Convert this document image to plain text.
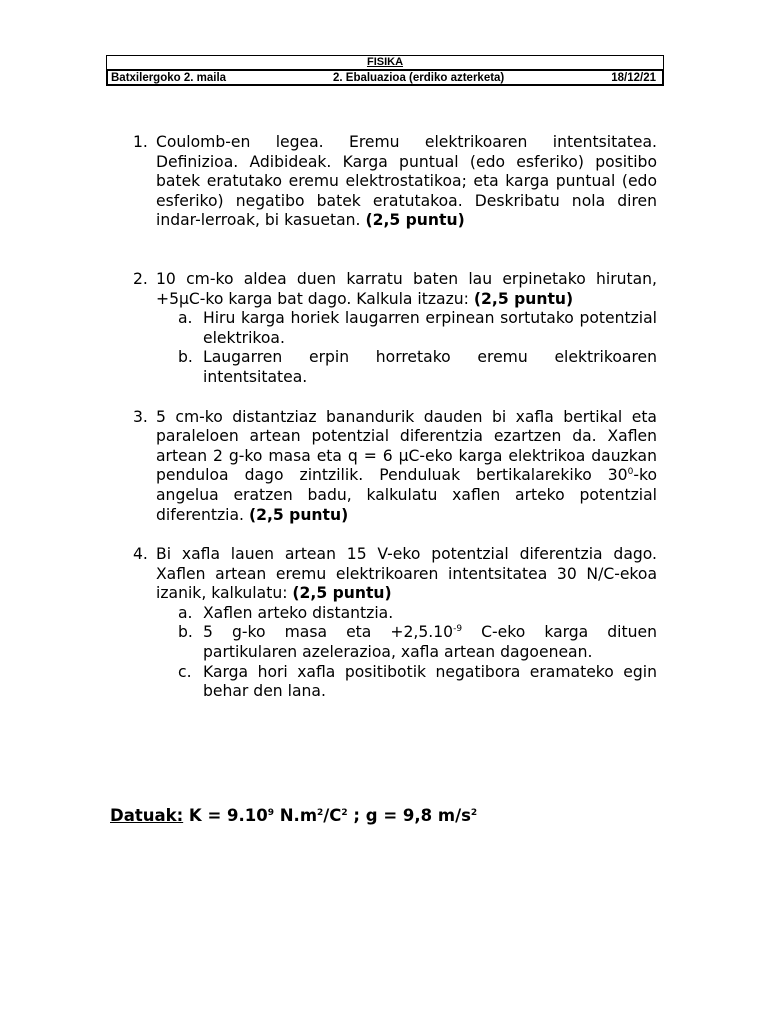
FISIKA
Batxilergoko 2. maila	2. Ebaluazioa (erdiko azterketa)	18/12/21
1. Coulomb-en legea. Eremu elektrikoaren intentsitatea. Definizioa. Adibideak. Karga puntual (edo esferiko) positibo batek eratutako eremu elektrostatikoa; eta karga puntual (edo esferiko) negatibo batek eratutakoa. Deskribatu nola diren indar-lerroak, bi kasuetan. (2,5 puntu)
2. 10 cm-ko aldea duen karratu baten lau erpinetako hirutan, +5µC-ko karga bat dago. Kalkula itzazu: (2,5 puntu)
a. Hiru karga horiek laugarren erpinean sortutako potentzial elektrikoa.
b. Laugarren erpin horretako eremu elektrikoaren intentsitatea.
3. 5 cm-ko distantziaz banandurik dauden bi xafla bertikal eta paraleloen artean potentzial diferentzia ezartzen da. Xaflen artean 2 g-ko masa eta q = 6 µC-eko karga elektrikoa dauzkan penduloa dago zintzilik. Penduluak bertikalarekiko $30^0-ko$ angelua eratzen badu, kalkulatu xaflen arteko potentzial diferentzia. (2,5 puntu)
4. Bi xafla lauen artean 15 V-eko potentzial diferentzia dago. Xaflen artean eremu elektrikoaren intentsitatea 30 N/C-ekoa izanik, kalkulatu: (2,5 puntu)
a. Xaflen arteko distantzia.
b. 5 g-ko masa eta $+2,5.10^{-9}$ C-eko karga dituen partikularen azelerazioa, xafla artean dagoenean.
c. Karga hori xafla positibotik negatibora eramateko egin behar den lana.
Datuak: $K = 9.10^9$ $N.m^2/C^2$ ; g = 9,8 $m/s^2$
